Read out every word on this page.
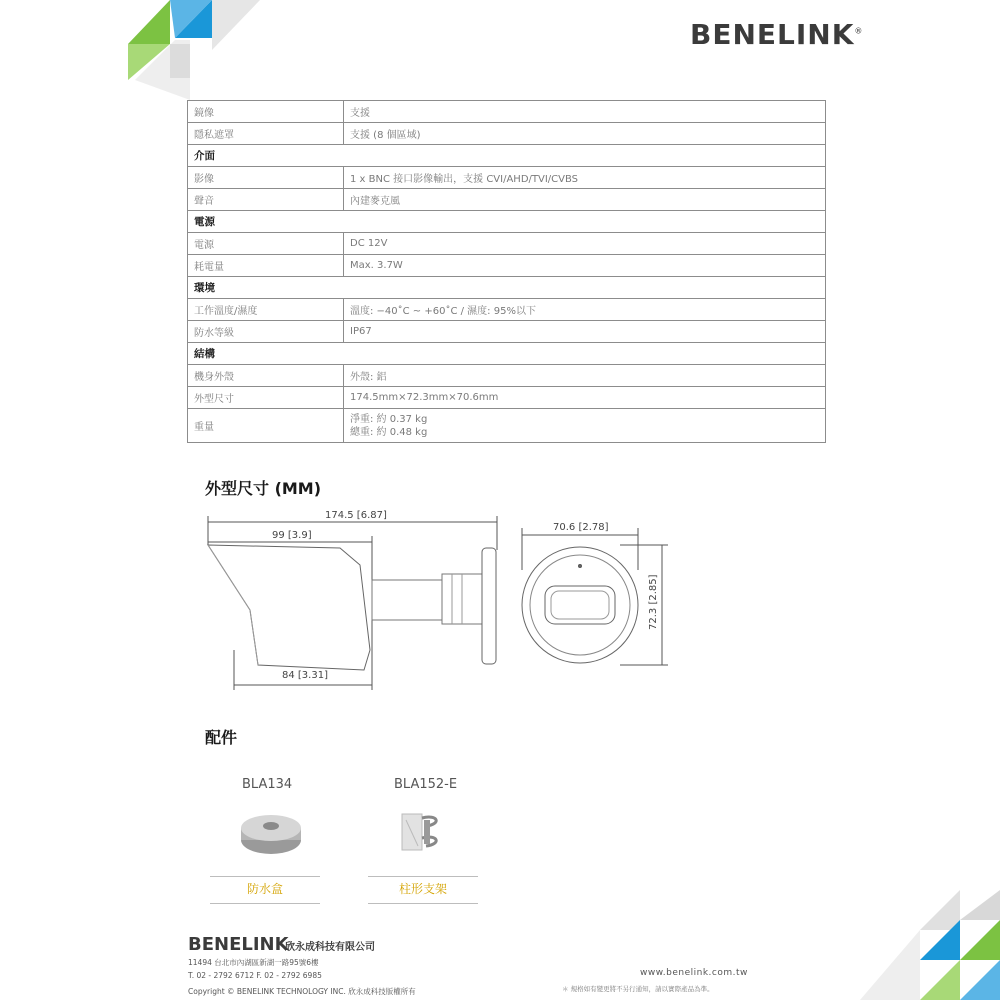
BENELINK®
鏡像	支援
隱私遮罩	支援 (8 個區域)
介面	
影像	1 x BNC 接口影像輸出，支援 CVI/AHD/TVI/CVBS
聲音	內建麥克風
電源	
電源	DC 12V
耗電量	Max. 3.7W
環境	
工作溫度/濕度	溫度: −40˚C ~ +60˚C / 濕度: 95%以下
防水等級	IP67
結構	
機身外殼	外殼: 鋁
外型尺寸	174.5mm×72.3mm×70.6mm
重量	淨重: 約 0.37 kg
總重: 約 0.48 kg
外型尺寸 (MM)
174.5 [6.87]
99 [3.9]
84 [3.31]
70.6 [2.78]
72.3 [2.85]
配件
BLA134	BLA152-E
防水盒	柱形支架
BENELINK
欣永成科技有限公司
11494 台北市內湖區新湖一路95號6樓
T. 02 - 2792 6712 F. 02 - 2792 6985
Copyright © BENELINK TECHNOLOGY INC. 欣永成科技版權所有
www.benelink.com.tw
＊ 規格如有變更將不另行通知，請以實際產品為準。
